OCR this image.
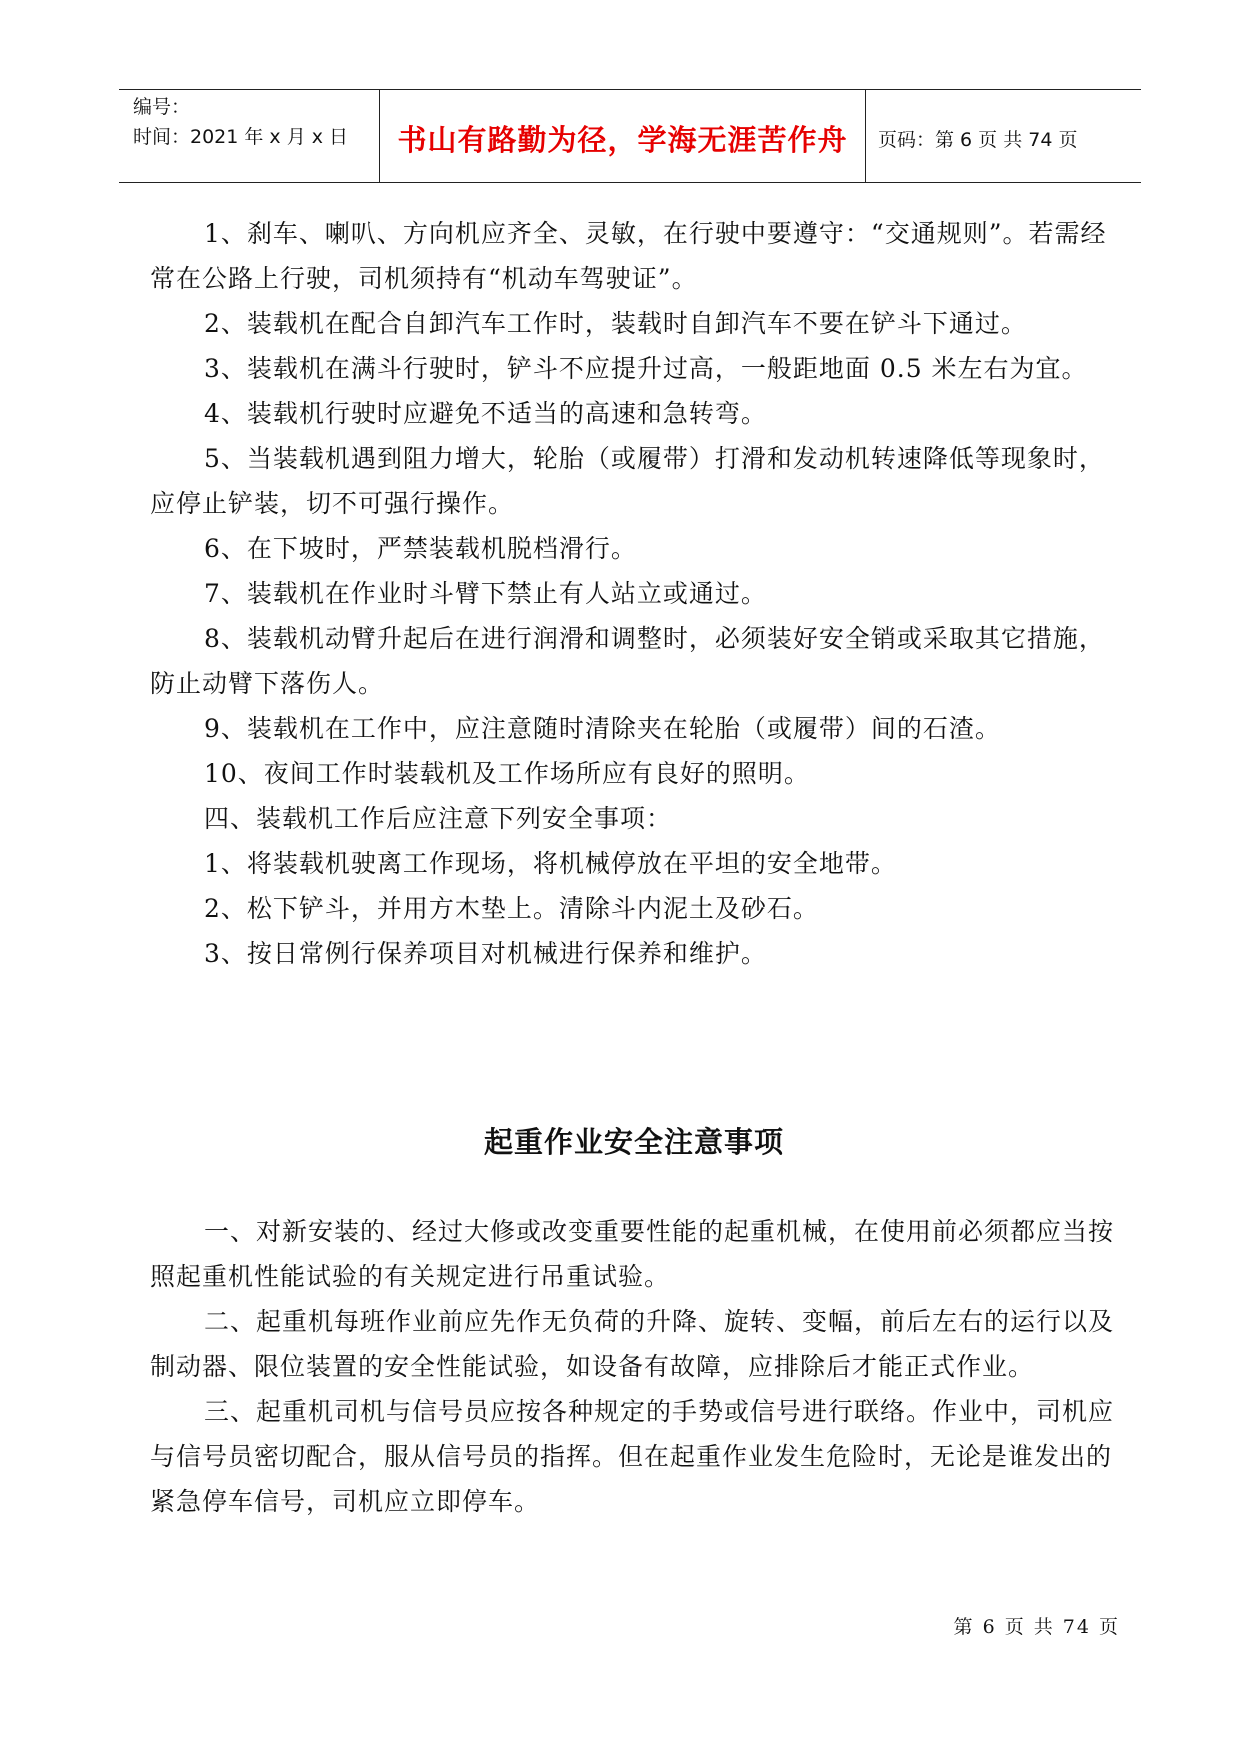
编号：
时间：2021 年 x 月 x 日	书山有路勤为径，学海无涯苦作舟	页码：第 6 页 共 74 页

1、刹车、喇叭、方向机应齐全、灵敏，在行驶中要遵守：“交通规则”。若需经常在公路上行驶，司机须持有“机动车驾驶证”。

2、装载机在配合自卸汽车工作时，装载时自卸汽车不要在铲斗下通过。

3、装载机在满斗行驶时，铲斗不应提升过高，一般距地面 0.5 米左右为宜。

4、装载机行驶时应避免不适当的高速和急转弯。

5、当装载机遇到阻力增大，轮胎（或履带）打滑和发动机转速降低等现象时，应停止铲装，切不可强行操作。

6、在下坡时，严禁装载机脱档滑行。

7、装载机在作业时斗臂下禁止有人站立或通过。

8、装载机动臂升起后在进行润滑和调整时，必须装好安全销或采取其它措施，防止动臂下落伤人。

9、装载机在工作中，应注意随时清除夹在轮胎（或履带）间的石渣。

10、夜间工作时装载机及工作场所应有良好的照明。

四、装载机工作后应注意下列安全事项：

1、将装载机驶离工作现场，将机械停放在平坦的安全地带。

2、松下铲斗，并用方木垫上。清除斗内泥土及砂石。

3、按日常例行保养项目对机械进行保养和维护。

起重作业安全注意事项

一、对新安装的、经过大修或改变重要性能的起重机械，在使用前必须都应当按照起重机性能试验的有关规定进行吊重试验。

二、起重机每班作业前应先作无负荷的升降、旋转、变幅，前后左右的运行以及制动器、限位装置的安全性能试验，如设备有故障，应排除后才能正式作业。

三、起重机司机与信号员应按各种规定的手势或信号进行联络。作业中，司机应与信号员密切配合，服从信号员的指挥。但在起重作业发生危险时，无论是谁发出的紧急停车信号，司机应立即停车。

第 6 页 共 74 页
